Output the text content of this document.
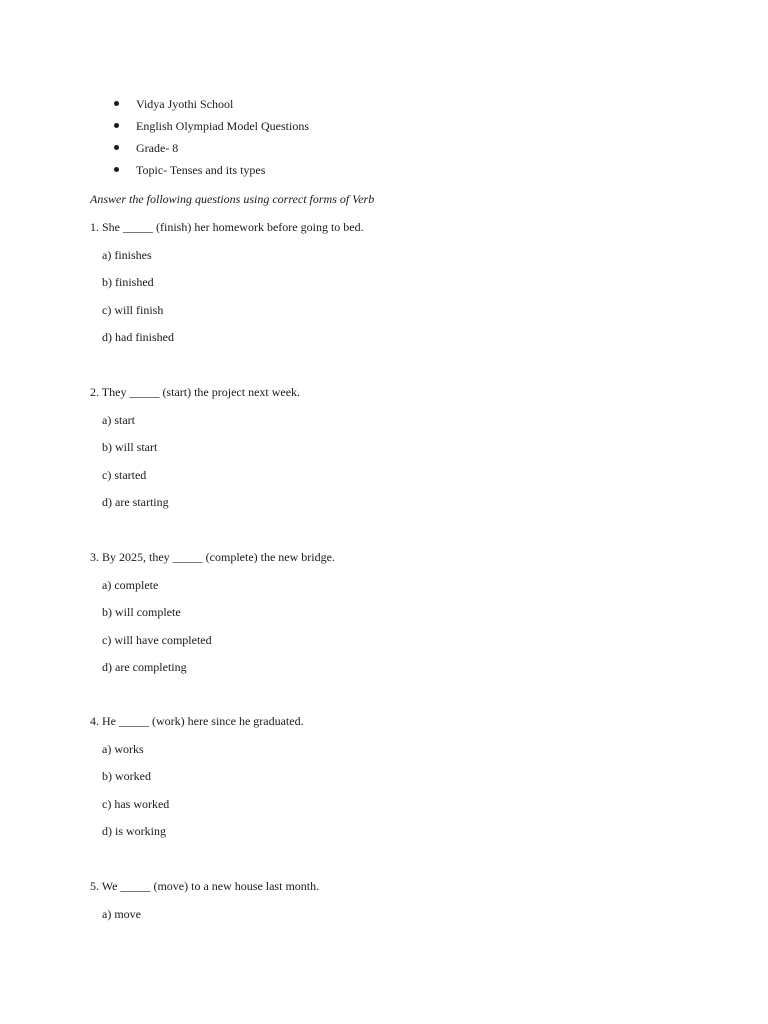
Vidya Jyothi School
English Olympiad Model Questions
Grade- 8
Topic- Tenses and its types
Answer the following questions using correct forms of Verb
1. She _____ (finish) her homework before going to bed.
a) finishes
b) finished
c) will finish
d) had finished
2. They _____ (start) the project next week.
a) start
b) will start
c) started
d) are starting
3. By 2025, they _____ (complete) the new bridge.
a) complete
b) will complete
c) will have completed
d) are completing
4. He _____ (work) here since he graduated.
a) works
b) worked
c) has worked
d) is working
5. We _____ (move) to a new house last month.
a) move
